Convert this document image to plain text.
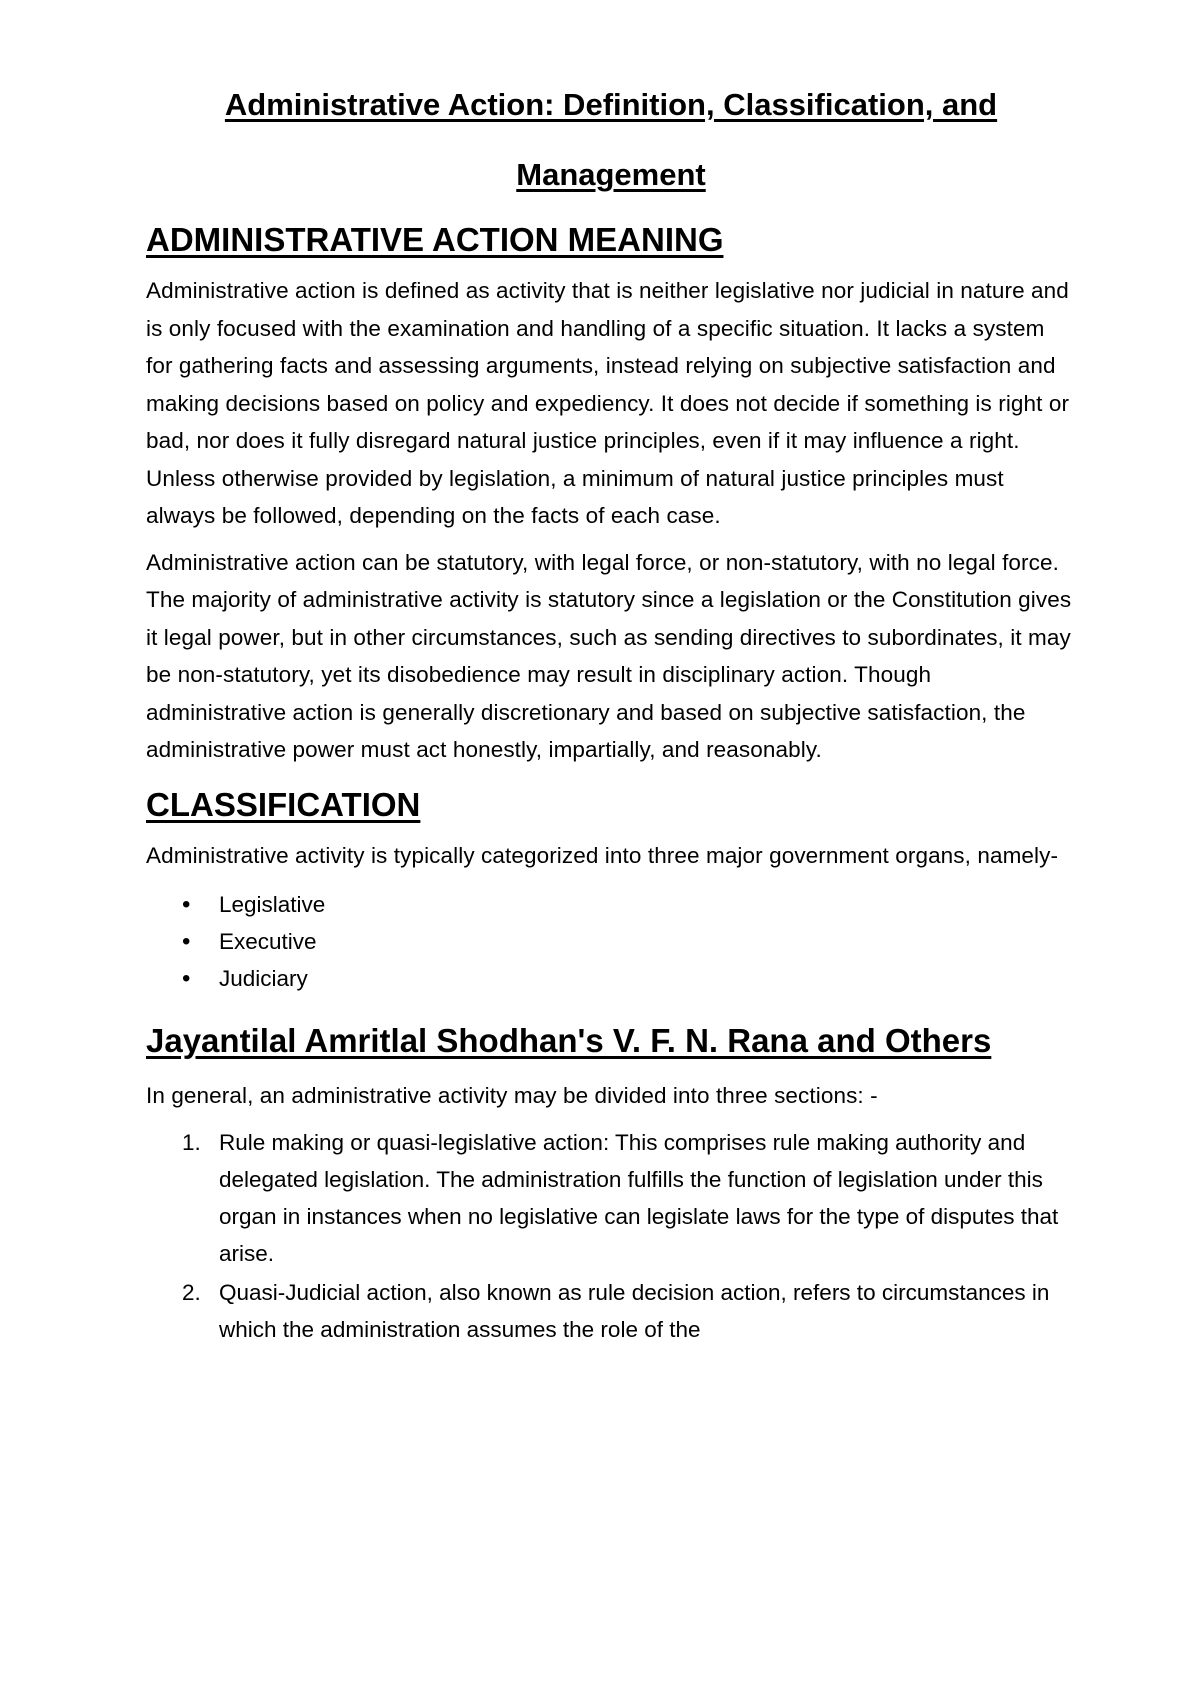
Administrative Action: Definition, Classification, and Management
ADMINISTRATIVE ACTION MEANING

Administrative action is defined as activity that is neither legislative nor judicial in nature and is only focused with the examination and handling of a specific situation. It lacks a system for gathering facts and assessing arguments, instead relying on subjective satisfaction and making decisions based on policy and expediency. It does not decide if something is right or bad, nor does it fully disregard natural justice principles, even if it may influence a right. Unless otherwise provided by legislation, a minimum of natural justice principles must always be followed, depending on the facts of each case.

Administrative action can be statutory, with legal force, or non-statutory, with no legal force. The majority of administrative activity is statutory since a legislation or the Constitution gives it legal power, but in other circumstances, such as sending directives to subordinates, it may be non-statutory, yet its disobedience may result in disciplinary action. Though administrative action is generally discretionary and based on subjective satisfaction, the administrative power must act honestly, impartially, and reasonably.

CLASSIFICATION

Administrative activity is typically categorized into three major government organs, namely-

• Legislative
• Executive
• Judiciary
Jayantilal Amritlal Shodhan's V. F. N. Rana and Others

In general, an administrative activity may be divided into three sections: -

1. Rule making or quasi-legislative action: This comprises rule making authority and delegated legislation. The administration fulfills the function of legislation under this organ in instances when no legislative can legislate laws for the type of disputes that arise.
2. Quasi-Judicial action, also known as rule decision action, refers to circumstances in which the administration assumes the role of the
